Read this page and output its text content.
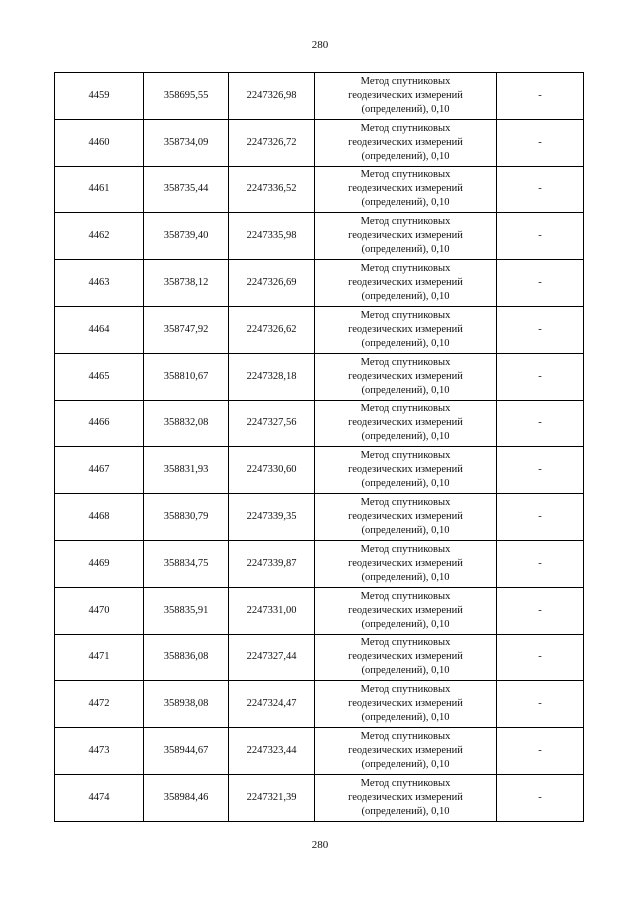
280
4459	358695,55	2247326,98	Метод спутниковых
геодезических измерений
(определений), 0,10	-
4460	358734,09	2247326,72	Метод спутниковых
геодезических измерений
(определений), 0,10	-
4461	358735,44	2247336,52	Метод спутниковых
геодезических измерений
(определений), 0,10	-
4462	358739,40	2247335,98	Метод спутниковых
геодезических измерений
(определений), 0,10	-
4463	358738,12	2247326,69	Метод спутниковых
геодезических измерений
(определений), 0,10	-
4464	358747,92	2247326,62	Метод спутниковых
геодезических измерений
(определений), 0,10	-
4465	358810,67	2247328,18	Метод спутниковых
геодезических измерений
(определений), 0,10	-
4466	358832,08	2247327,56	Метод спутниковых
геодезических измерений
(определений), 0,10	-
4467	358831,93	2247330,60	Метод спутниковых
геодезических измерений
(определений), 0,10	-
4468	358830,79	2247339,35	Метод спутниковых
геодезических измерений
(определений), 0,10	-
4469	358834,75	2247339,87	Метод спутниковых
геодезических измерений
(определений), 0,10	-
4470	358835,91	2247331,00	Метод спутниковых
геодезических измерений
(определений), 0,10	-
4471	358836,08	2247327,44	Метод спутниковых
геодезических измерений
(определений), 0,10	-
4472	358938,08	2247324,47	Метод спутниковых
геодезических измерений
(определений), 0,10	-
4473	358944,67	2247323,44	Метод спутниковых
геодезических измерений
(определений), 0,10	-
4474	358984,46	2247321,39	Метод спутниковых
геодезических измерений
(определений), 0,10	-
280
